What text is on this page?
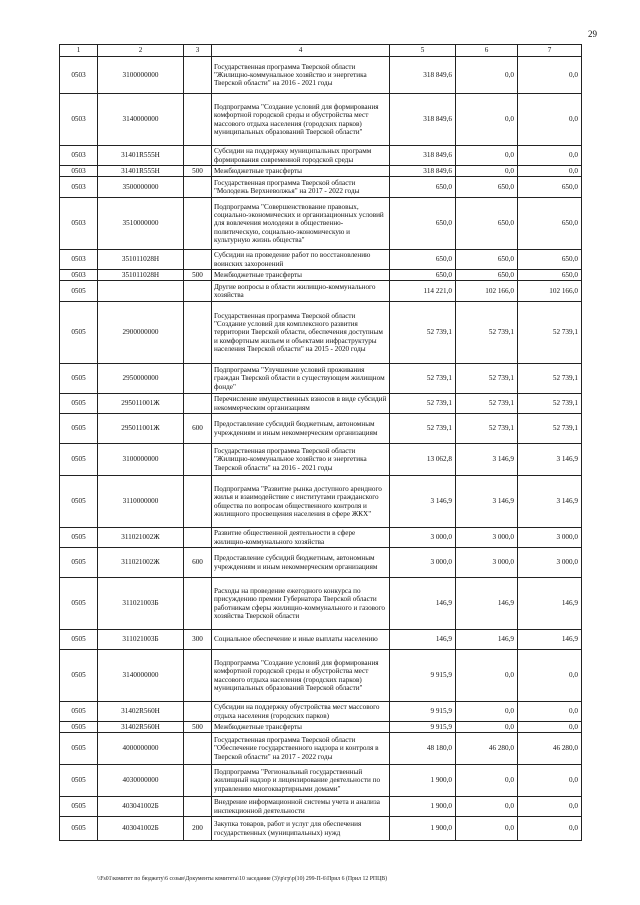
29
1	2	3	4	5	6	7
0503	3100000000		Государственная программа Тверской области "Жилищно-коммунальное хозяйство и энергетика Тверской области" на 2016 - 2021 годы	318 849,6	0,0	0,0
0503	3140000000		Подпрограмма "Создание условий для формирования комфортной городской среды и обустройства мест массового отдыха населения (городских парков) муниципальных образований Тверской области"	318 849,6	0,0	0,0
0503	31401R555H		Субсидии на поддержку муниципальных программ формирования современной городской среды	318 849,6	0,0	0,0
0503	31401R555H	500	Межбюджетные трансферты	318 849,6	0,0	0,0
0503	3500000000		Государственная программа Тверской области "Молодежь Верхневолжья" на 2017 - 2022 годы	650,0	650,0	650,0
0503	3510000000		Подпрограмма "Совершенствование правовых, социально-экономических и организационных условий для вовлечения молодежи в общественно-политическую, социально-экономическую и культурную жизнь общества"	650,0	650,0	650,0
0503	351011028Н		Субсидии на проведение работ по восстановлению воинских захоронений	650,0	650,0	650,0
0503	351011028Н	500	Межбюджетные трансферты	650,0	650,0	650,0
0505			Другие вопросы в области жилищно-коммунального хозяйства	114 221,0	102 166,0	102 166,0
0505	2900000000		Государственная программа Тверской области "Создание условий для комплексного развития территории Тверской области, обеспечения доступным и комфортным жильем и объектами инфраструктуры населения Тверской области" на 2015 - 2020 годы	52 739,1	52 739,1	52 739,1
0505	2950000000		Подпрограмма "Улучшение условий проживания граждан Тверской области в существующем жилищном фонде"	52 739,1	52 739,1	52 739,1
0505	295011001Ж		Перечисление имущественных взносов в виде субсидий некоммерческим организациям	52 739,1	52 739,1	52 739,1
0505	295011001Ж	600	Предоставление субсидий бюджетным, автономным учреждениям и иным некоммерческим организациям	52 739,1	52 739,1	52 739,1
0505	3100000000		Государственная программа Тверской области "Жилищно-коммунальное хозяйство и энергетика Тверской области" на 2016 - 2021 годы	13 062,8	3 146,9	3 146,9
0505	3110000000		Подпрограмма "Развитие рынка доступного арендного жилья и взаимодействие с институтами гражданского общества по вопросам общественного контроля и жилищного просвещения населения в сфере ЖКХ"	3 146,9	3 146,9	3 146,9
0505	311021002Ж		Развитие общественной деятельности в сфере жилищно-коммунального хозяйства	3 000,0	3 000,0	3 000,0
0505	311021002Ж	600	Предоставление субсидий бюджетным, автономным учреждениям и иным некоммерческим организациям	3 000,0	3 000,0	3 000,0
0505	311021003Б		Расходы на проведение ежегодного конкурса по присуждению премии Губернатора Тверской области работникам сферы жилищно-коммунального и газового хозяйства Тверской области	146,9	146,9	146,9
0505	311021003Б	300	Социальное обеспечение и иные выплаты населению	146,9	146,9	146,9
0505	3140000000		Подпрограмма "Создание условий для формирования комфортной городской среды и обустройства мест массового отдыха населения (городских парков) муниципальных образований Тверской области"	9 915,9	0,0	0,0
0505	31402R560H		Субсидии на поддержку обустройства мест массового отдыха населения (городских парков)	9 915,9	0,0	0,0
0505	31402R560H	500	Межбюджетные трансферты	9 915,9	0,0	0,0
0505	4000000000		Государственная программа Тверской области "Обеспечение государственного надзора и контроля в Тверской области" на 2017 - 2022 годы	48 180,0	46 280,0	46 280,0
0505	4030000000		Подпрограмма "Региональный государственный жилищный надзор и лицензирование деятельности по управлению многоквартирными домами"	1 900,0	0,0	0,0
0505	403041002Б		Внедрение информационной системы учета и анализа инспекционной деятельности	1 900,0	0,0	0,0
0505	403041002Б	200	Закупка товаров, работ и услуг для обеспечения государственных (муниципальных) нужд	1 900,0	0,0	0,0
\\Fs01\комитет по бюджету\6 созыв\Документы комитета\10 заседание (3)\р\гр\р(10) 299-П-6\Прил 6 (Прил 12 РПЦВ)
